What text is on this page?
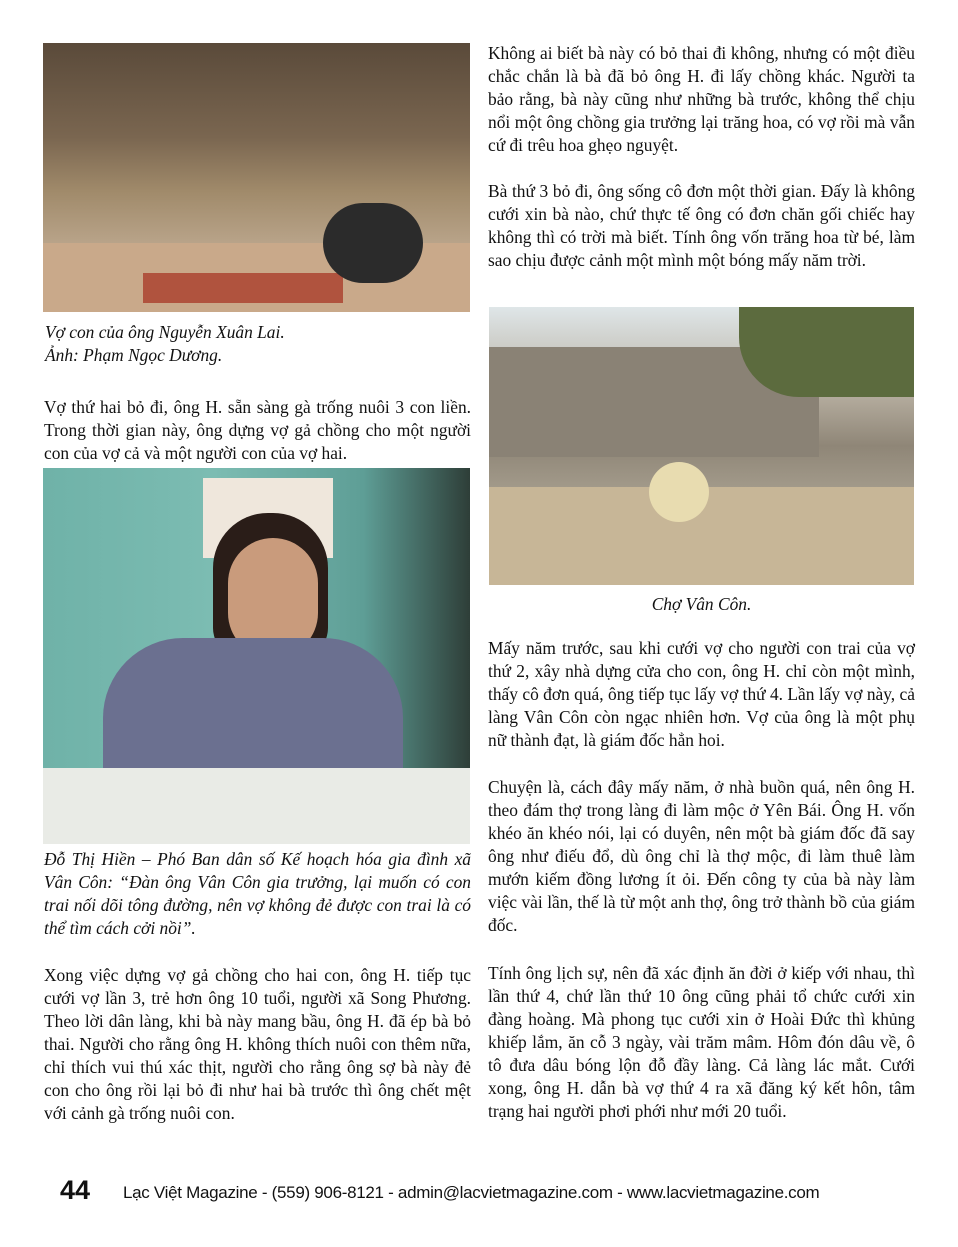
Vợ con của ông Nguyễn Xuân Lai.
Ảnh: Phạm Ngọc Dương.
Vợ thứ hai bỏ đi, ông H. sẵn sàng gà trống nuôi 3 con liền. Trong thời gian này, ông dựng vợ gả chồng cho một người con của vợ cả và một người con của vợ hai.
Đỗ Thị Hiền – Phó Ban dân số Kế hoạch hóa gia đình xã Vân Côn: “Đàn ông Vân Côn gia trưởng, lại muốn có con trai nối dõi tông đường, nên vợ không đẻ được con trai là có thể tìm cách cởi nồi”.
Xong việc dựng vợ gả chồng cho hai con, ông H. tiếp tục cưới vợ lần 3, trẻ hơn ông 10 tuổi, người xã Song Phương. Theo lời dân làng, khi bà này mang bầu, ông H. đã ép bà bỏ thai. Người cho rằng ông H. không thích nuôi con thêm nữa, chỉ thích vui thú xác thịt, người cho rằng ông sợ bà này đẻ con cho ông rồi lại bỏ đi như hai bà trước thì ông chết mệt với cảnh gà trống nuôi con.
Không ai biết bà này có bỏ thai đi không, nhưng có một điều chắc chắn là bà đã bỏ ông H. đi lấy chồng khác. Người ta bảo rằng, bà này cũng như những bà trước, không thể chịu nổi một ông chồng gia trưởng lại trăng hoa, có vợ rồi mà vẫn cứ đi trêu hoa ghẹo nguyệt.
Bà thứ 3 bỏ đi, ông sống cô đơn một thời gian. Đấy là không cưới xin bà nào, chứ thực tế ông có đơn chăn gối chiếc hay không thì có trời mà biết. Tính ông vốn trăng hoa từ bé, làm sao chịu được cảnh một mình một bóng mấy năm trời.
Chợ Vân Côn.
Mấy năm trước, sau khi cưới vợ cho người con trai của vợ thứ 2, xây nhà dựng cửa cho con, ông H. chỉ còn một mình, thấy cô đơn quá, ông tiếp tục lấy vợ thứ 4. Lần lấy vợ này, cả làng Vân Côn còn ngạc nhiên hơn. Vợ của ông là một phụ nữ thành đạt, là giám đốc hẳn hoi.
Chuyện là, cách đây mấy năm, ở nhà buồn quá, nên ông H. theo đám thợ trong làng đi làm mộc ở Yên Bái. Ông H. vốn khéo ăn khéo nói, lại có duyên, nên một bà giám đốc đã say ông như điếu đổ, dù ông chỉ là thợ mộc, đi làm thuê làm mướn kiếm đồng lương ít ỏi. Đến công ty của bà này làm việc vài lần, thế là từ một anh thợ, ông trở thành bồ của giám đốc.
Tính ông lịch sự, nên đã xác định ăn đời ở kiếp với nhau, thì lần thứ 4, chứ lần thứ 10 ông cũng phải tổ chức cưới xin đàng hoàng. Mà phong tục cưới xin ở Hoài Đức thì khủng khiếp lắm, ăn cỗ 3 ngày, vài trăm mâm. Hôm đón dâu về, ô tô đưa dâu bóng lộn đỗ đầy làng. Cả làng lác mắt. Cưới xong, ông H. dẫn bà vợ thứ 4 ra xã đăng ký kết hôn, tâm trạng hai người phơi phới như mới 20 tuổi.
44 Lạc Việt Magazine - (559) 906-8121 - admin@lacvietmagazine.com - www.lacvietmagazine.com
